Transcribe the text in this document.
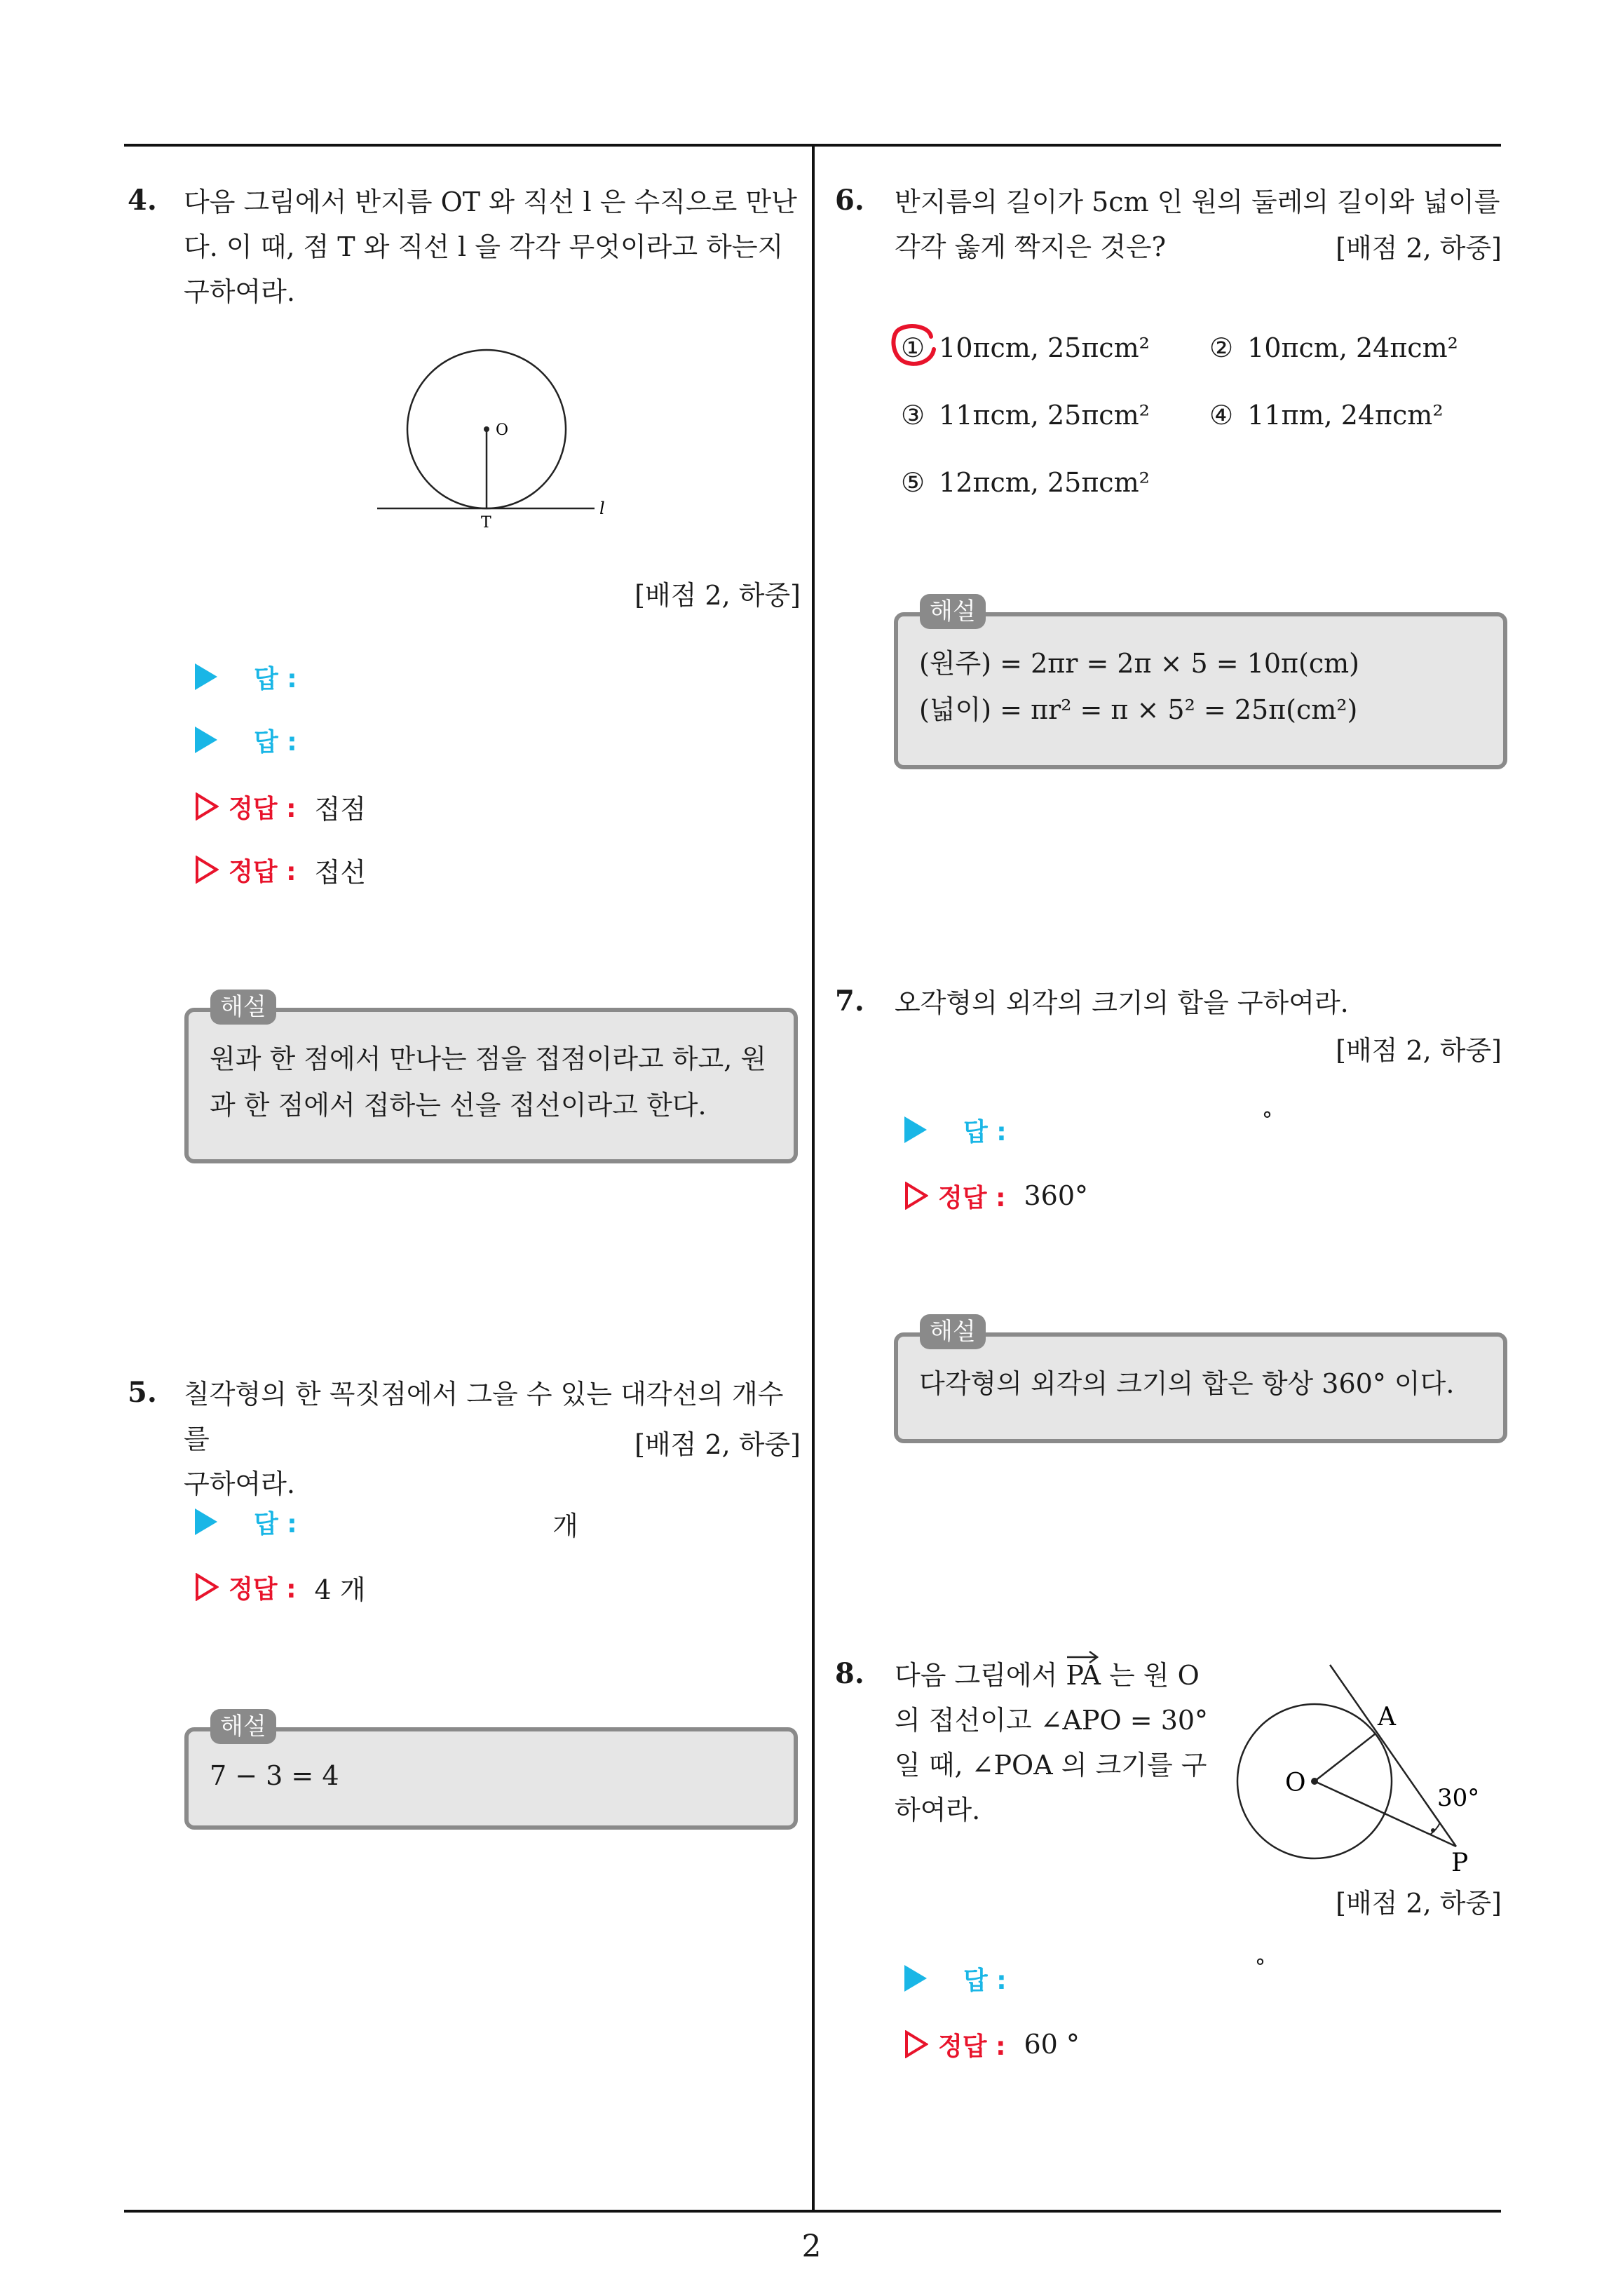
4. 다음 그림에서 반지름 OT 와 직선 l 은 수직으로 만난
다. 이 때, 점 T 와 직선 l 을 각각 무엇이라고 하는지
구하여라.
O
T
l
[배점 2, 하중]
답 :
답 :
정답 : 접점
정답 : 접선
원과 한 점에서 만나는 점을 접점이라고 하고, 원
과 한 점에서 접하는 선을 접선이라고 한다.
해설
5. 칠각형의 한 꼭짓점에서 그을 수 있는 대각선의 개수를
구하여라.
[배점 2, 하중]
답 :	개
정답 : 4 개
7 − 3 = 4
해설
6. 반지름의 길이가 5cm 인 원의 둘레의 길이와 넓이를
각각 옳게 짝지은 것은?	[배점 2, 하중]
① 10πcm, 25πcm² ② 10πcm, 24πcm²
③ 11πcm, 25πcm² ④ 11πm, 24πcm²
⑤ 12πcm, 25πcm²
(원주) = 2πr = 2π × 5 = 10π(cm)
(넓이) = πr² = π × 5² = 25π(cm²)
해설
7. 오각형의 외각의 크기의 합을 구하여라.
[배점 2, 하중]
답 :	°
정답 : 360°
다각형의 외각의 크기의 합은 항상 360° 이다.
해설
8. 다음 그림에서 PA 는 원 O
의 접선이고 ∠APO = 30°
일 때, ∠POA 의 크기를 구
하여라.
O
A
P
30°
[배점 2, 하중]
답 :	°
정답 : 60 °
2
